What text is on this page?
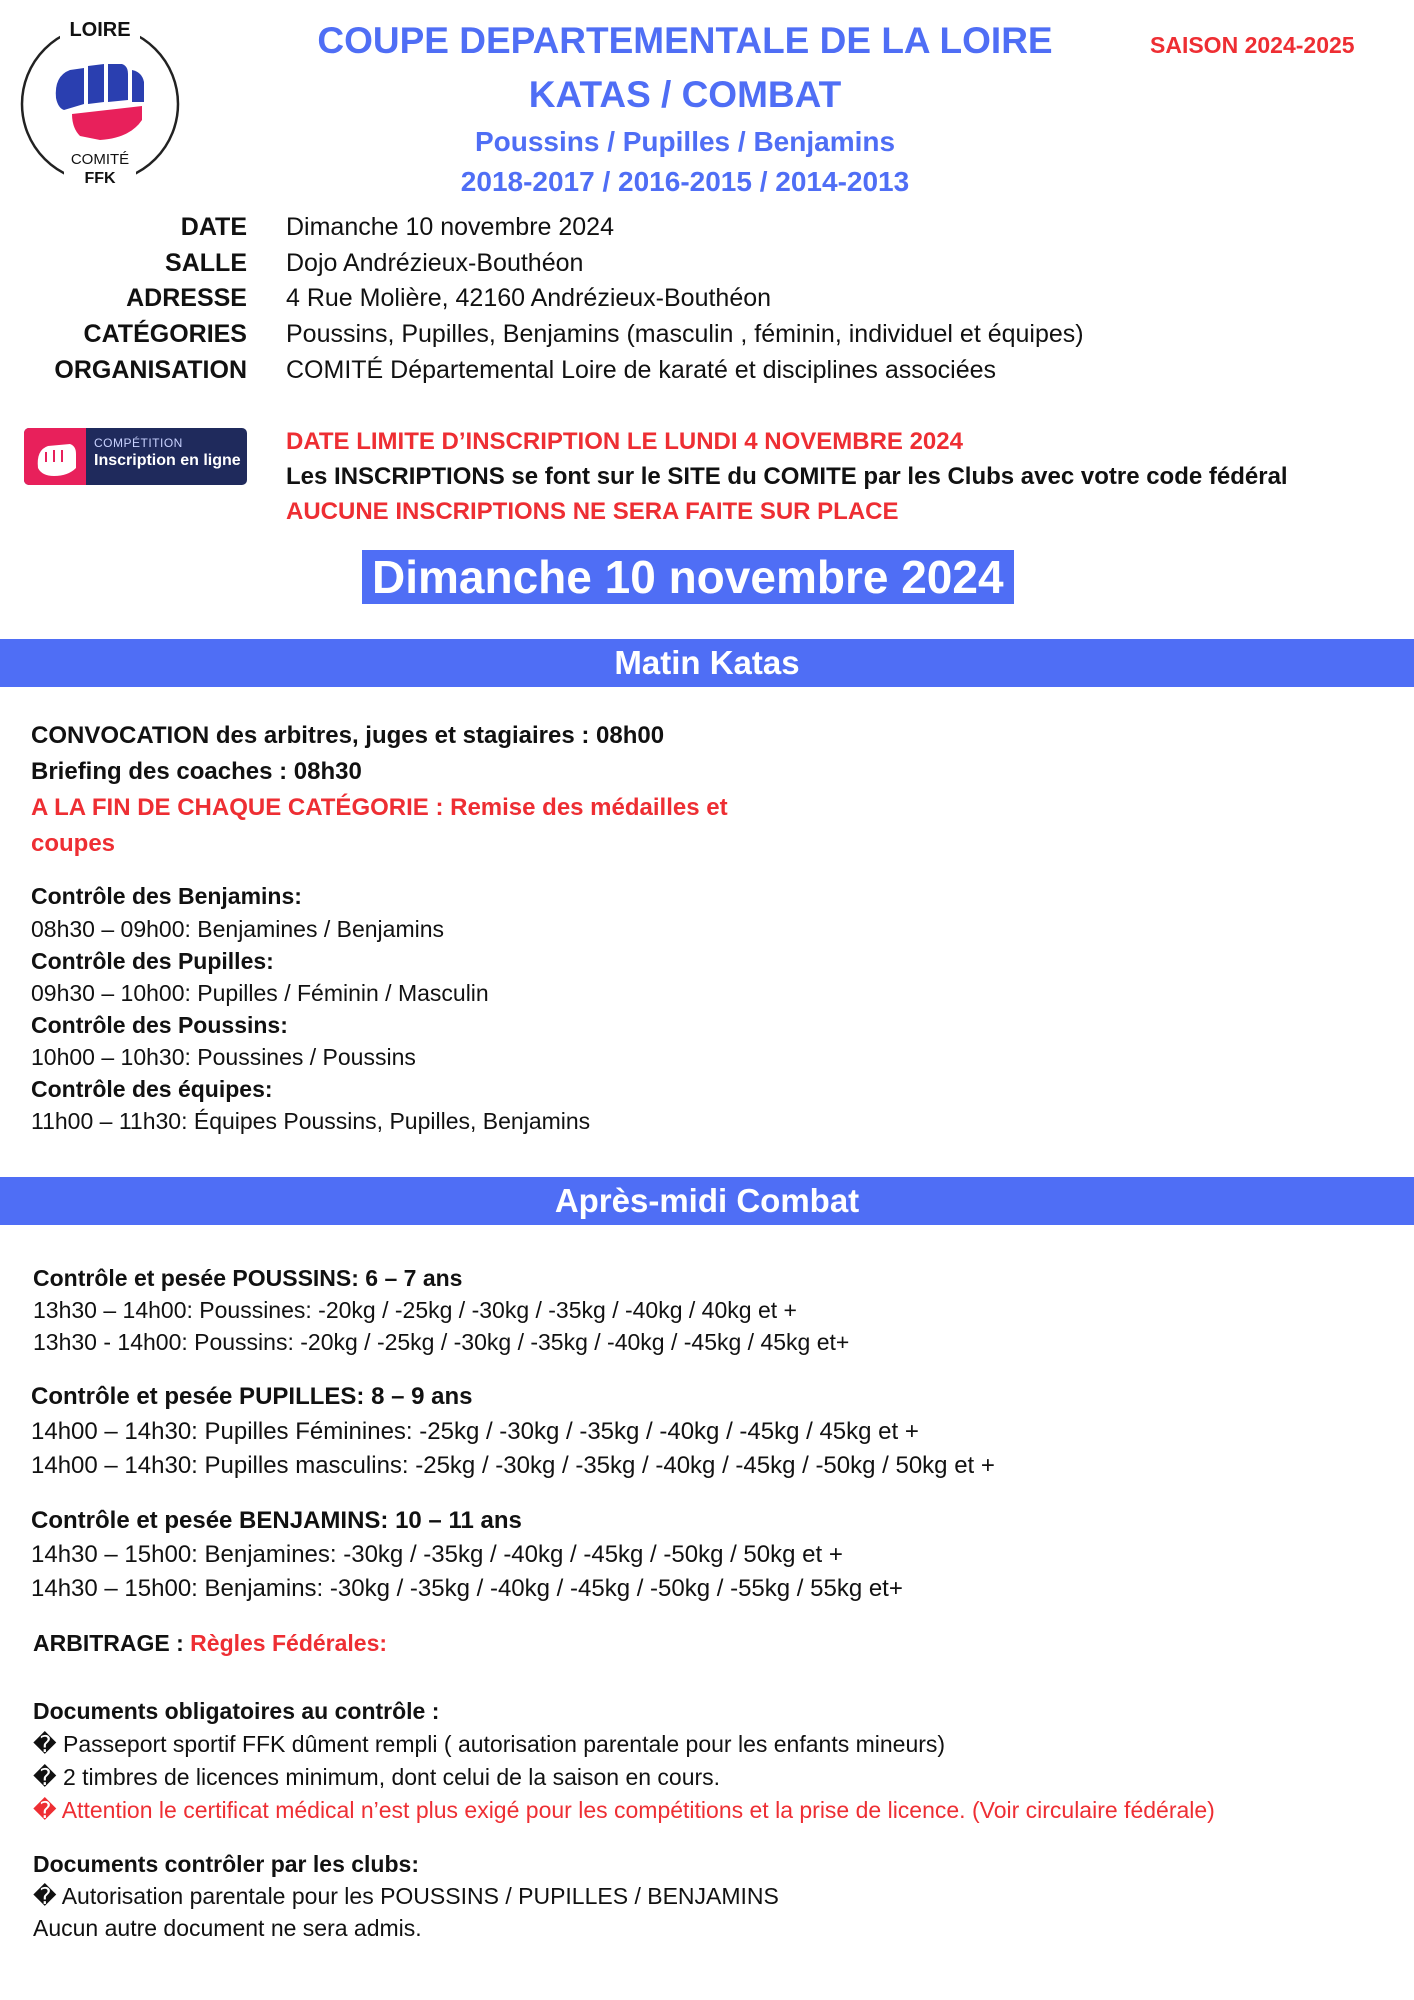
LOIRE
COMITÉ
FFK
COUPE DEPARTEMENTALE DE LA LOIRE
KATAS / COMBAT
Poussins / Pupilles / Benjamins
2018-2017 / 2016-2015 / 2014-2013
SAISON 2024-2025
DATE Dimanche 10 novembre 2024
SALLE Dojo Andrézieux-Bouthéon
ADRESSE 4 Rue Molière, 42160 Andrézieux-Bouthéon
CATÉGORIES Poussins, Pupilles, Benjamins (masculin , féminin, individuel et équipes)
ORGANISATION COMITÉ Départemental Loire de karaté et disciplines associées
COMPÉTITION
Inscription en ligne
DATE LIMITE D’INSCRIPTION LE LUNDI 4 NOVEMBRE 2024
Les INSCRIPTIONS se font sur le SITE du COMITE par les Clubs avec votre code fédéral
AUCUNE INSCRIPTIONS NE SERA FAITE SUR PLACE
Dimanche 10 novembre 2024
Matin Katas
CONVOCATION des arbitres, juges et stagiaires : 08h00
Briefing des coaches : 08h30
A LA FIN DE CHAQUE CATÉGORIE : Remise des médailles et
coupes
Contrôle des Benjamins:
08h30 – 09h00: Benjamines / Benjamins
Contrôle des Pupilles:
09h30 – 10h00: Pupilles / Féminin / Masculin
Contrôle des Poussins:
10h00 – 10h30: Poussines / Poussins
Contrôle des équipes:
11h00 – 11h30: Équipes Poussins, Pupilles, Benjamins
Après-midi Combat
Contrôle et pesée POUSSINS: 6 – 7 ans
13h30 – 14h00: Poussines: -20kg / -25kg / -30kg / -35kg / -40kg / 40kg et +
13h30 - 14h00: Poussins: -20kg / -25kg / -30kg / -35kg / -40kg / -45kg / 45kg et+
Contrôle et pesée PUPILLES: 8 – 9 ans
14h00 – 14h30: Pupilles Féminines: -25kg / -30kg / -35kg / -40kg / -45kg / 45kg et +
14h00 – 14h30: Pupilles masculins: -25kg / -30kg / -35kg / -40kg / -45kg / -50kg / 50kg et +
Contrôle et pesée BENJAMINS: 10 – 11 ans
14h30 – 15h00: Benjamines: -30kg / -35kg / -40kg / -45kg / -50kg / 50kg et +
14h30 – 15h00: Benjamins: -30kg / -35kg / -40kg / -45kg / -50kg / -55kg / 55kg et+
ARBITRAGE : Règles Fédérales:
Documents obligatoires au contrôle :
� Passeport sportif FFK dûment rempli ( autorisation parentale pour les enfants mineurs)
� 2 timbres de licences minimum, dont celui de la saison en cours.
� Attention le certificat médical n’est plus exigé pour les compétitions et la prise de licence. (Voir circulaire fédérale)
Documents contrôler par les clubs:
� Autorisation parentale pour les POUSSINS / PUPILLES / BENJAMINS
Aucun autre document ne sera admis.
